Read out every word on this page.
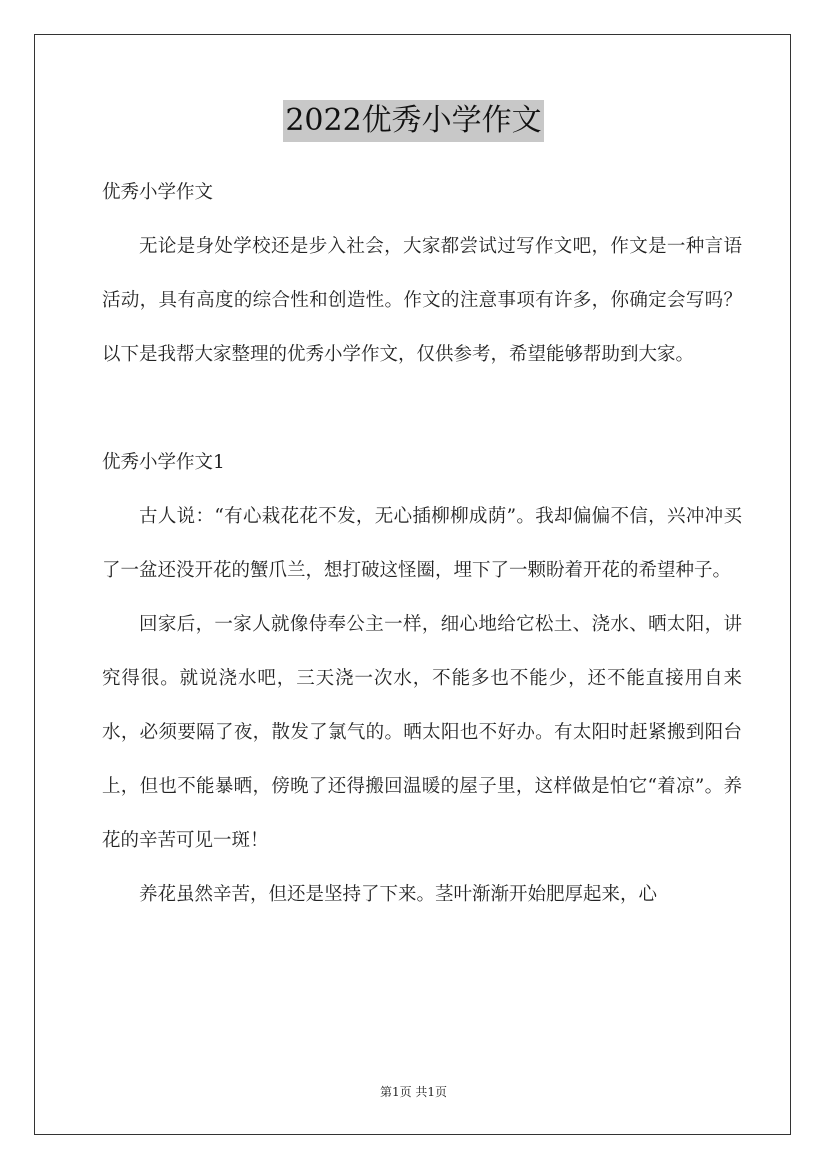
2022优秀小学作文

优秀小学作文

无论是身处学校还是步入社会，大家都尝试过写作文吧，作文是一种言语活动，具有高度的综合性和创造性。作文的注意事项有许多，你确定会写吗？以下是我帮大家整理的优秀小学作文，仅供参考，希望能够帮助到大家。

优秀小学作文1

古人说：“有心栽花花不发，无心插柳柳成荫”。我却偏偏不信，兴冲冲买了一盆还没开花的蟹爪兰，想打破这怪圈，埋下了一颗盼着开花的希望种子。

回家后，一家人就像侍奉公主一样，细心地给它松土、浇水、晒太阳，讲究得很。就说浇水吧，三天浇一次水，不能多也不能少，还不能直接用自来水，必须要隔了夜，散发了氯气的。晒太阳也不好办。有太阳时赶紧搬到阳台上，但也不能暴晒，傍晚了还得搬回温暖的屋子里，这样做是怕它“着凉”。养花的辛苦可见一斑！

养花虽然辛苦，但还是坚持了下来。茎叶渐渐开始肥厚起来，心

第1页 共1页
